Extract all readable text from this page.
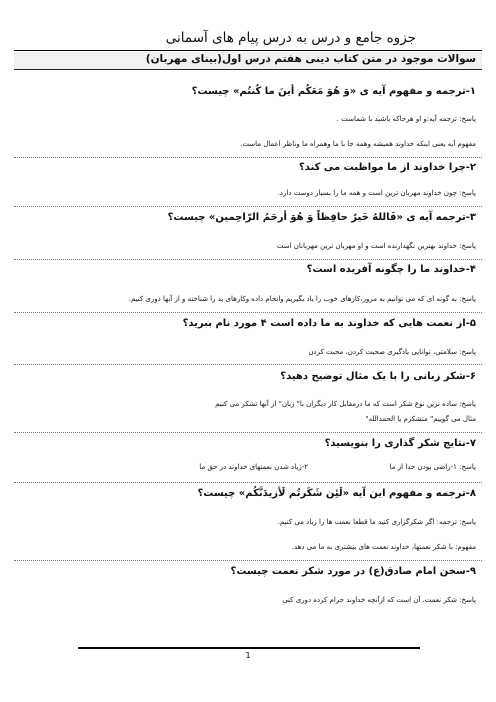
جزوه جامع و درس به درس پیام های آسمانی
سوالات موجود در متن کتاب دینی هفتم درس اول(بینای مهربان)
۱-ترجمه و مفهوم آیه ی «وَ هُوَ مَعَکُم أینَ ما کُنتُم» چیست؟
پاسخ: ترجمه آیه:و او هرجاکه باشید با شماست .
مفهوم آیه یعنی اینکه خداوند همیشه وهمه جا با ما وهمراه ما وناظر اعمال ماست.
۲-چرا خداوند از ما مواظبت می کند؟
پاسخ: چون خداوند مهربان ترین است و همه ما را بسیار دوست دارد.
۳-ترجمه آیه ی «فَاللهُ خَیرٌ حافِظاً وَ هُوَ أرحَمُ الرّاحِمین» چیست؟
پاسخ: خداوند بهترین نگهدارنده است و او مهربان ترین مهربانان است
۴-خداوند ما را چگونه آفریده است؟
پاسخ: به گونه ای که می توانیم به مرور،کارهای خوب را یاد بگیریم وانجام داده وکارهای بد را شناخته و از آنها دوری کنیم.
۵-از نعمت هایی که خداوند به ما داده است ۴ مورد نام ببرید؟
پاسخ: سلامتی، توانایی یادگیری صحبت کردن، محبت کردن
۶-شکر زبانی را با یک مثال توضیح دهید؟
پاسخ: ساده ترین نوع شکر است که ما درمقابل کار دیگران با" زبان" از آنها تشکر می کنیم
مثال می گوییم" متشکرم یا الحمدالله"
۷-نتایج شکر گذاری را بنویسید؟
پاسخ: ۱-راضی بودن خدا از ما
۲-زیاد شدن نعمتهای خداوند در حق ما
۸-ترجمه و مفهوم این آیه «لَئِن شَکَرتُم لَأزیدَنَّکُم» چیست؟
پاسخ: ترجمه: اگر شکرگزاری کنید ما قطعا نعمت ها را زیاد می کنیم.
مفهوم: با شکر نعمتها، خداوند نعمت های بیشتری به ما می دهد.
۹-سخن امام صادق(ع) در مورد شکر نعمت چیست؟
پاسخ: شکر نعمت، آن است که ازآنچه خداوند حرام کرده دوری کنی
1
